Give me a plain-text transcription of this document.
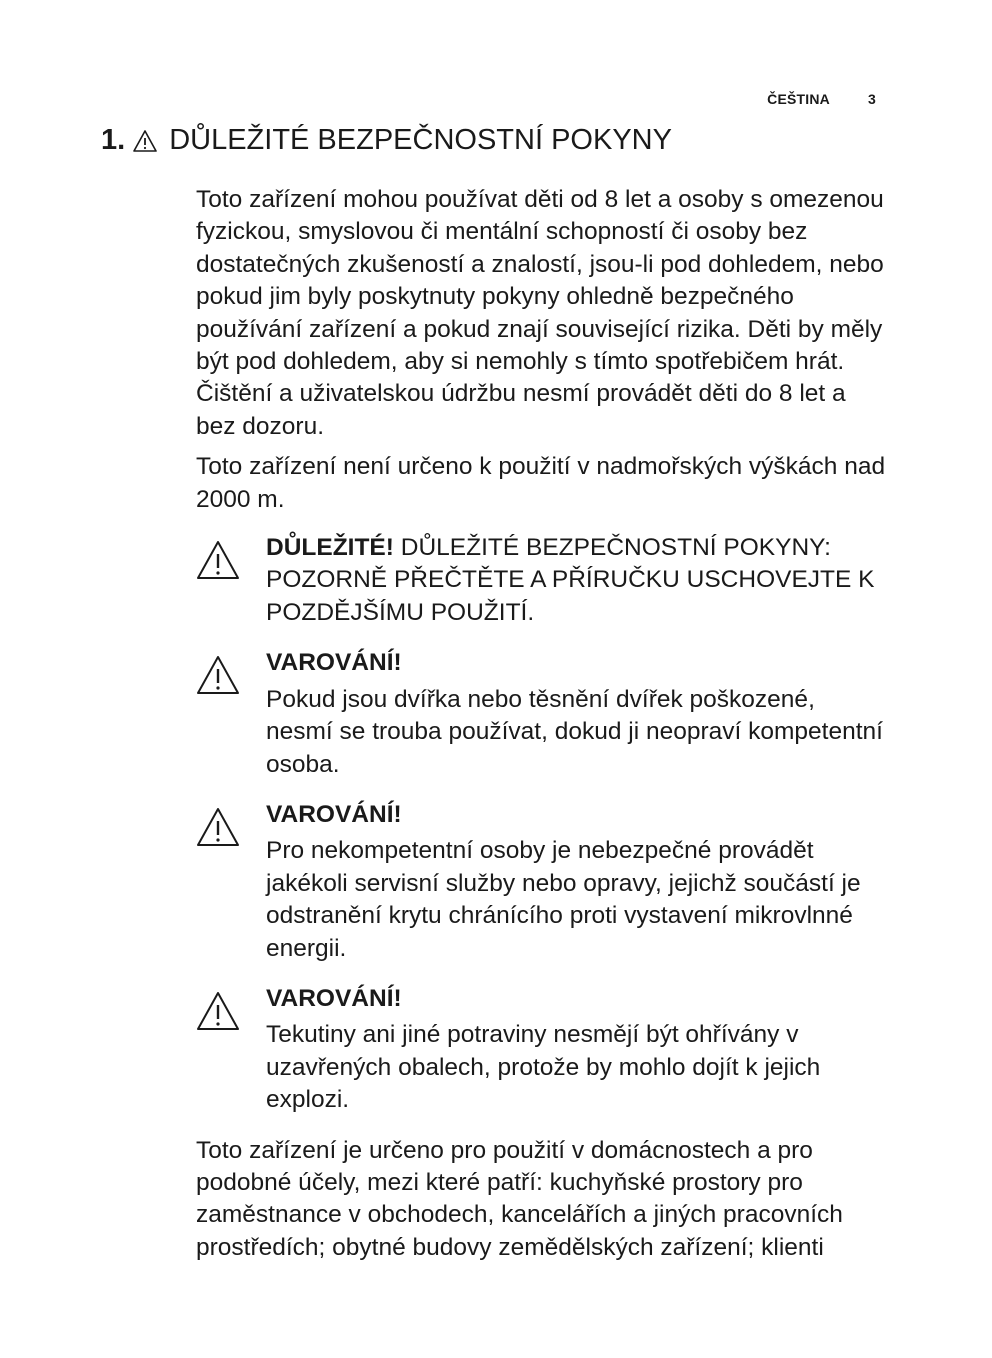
ČEŠTINA	3
1. DŮLEŽITÉ BEZPEČNOSTNÍ POKYNY

Toto zařízení mohou používat děti od 8 let a osoby s omezenou fyzickou, smyslovou či mentální schopností či osoby bez dostatečných zkušeností a znalostí, jsou-li pod dohledem, nebo pokud jim byly poskytnuty pokyny ohledně bezpečného používání zařízení a pokud znají související rizika. Děti by měly být pod dohledem, aby si nemohly s tímto spotřebičem hrát. Čištění a uživatelskou údržbu nesmí provádět děti do 8 let a bez dozoru.

Toto zařízení není určeno k použití v nadmořských výškách nad 2000 m.

DŮLEŽITÉ! DŮLEŽITÉ BEZPEČNOSTNÍ POKYNY: POZORNĚ PŘEČTĚTE A PŘÍRUČKU USCHOVEJTE K POZDĚJŠÍMU POUŽITÍ.
VAROVÁNÍ!
Pokud jsou dvířka nebo těsnění dvířek poškozené, nesmí se trouba používat, dokud ji neopraví kompetentní osoba.
VAROVÁNÍ!
Pro nekompetentní osoby je nebezpečné provádět jakékoli servisní služby nebo opravy, jejichž součástí je odstranění krytu chránícího proti vystavení mikrovlnné energii.
VAROVÁNÍ!
Tekutiny ani jiné potraviny nesmějí být ohřívány v uzavřených obalech, protože by mohlo dojít k jejich explozi.

Toto zařízení je určeno pro použití v domácnostech a pro podobné účely, mezi které patří: kuchyňské prostory pro zaměstnance v obchodech, kancelářích a jiných pracovních prostředích; obytné budovy zemědělských zařízení; klienti
